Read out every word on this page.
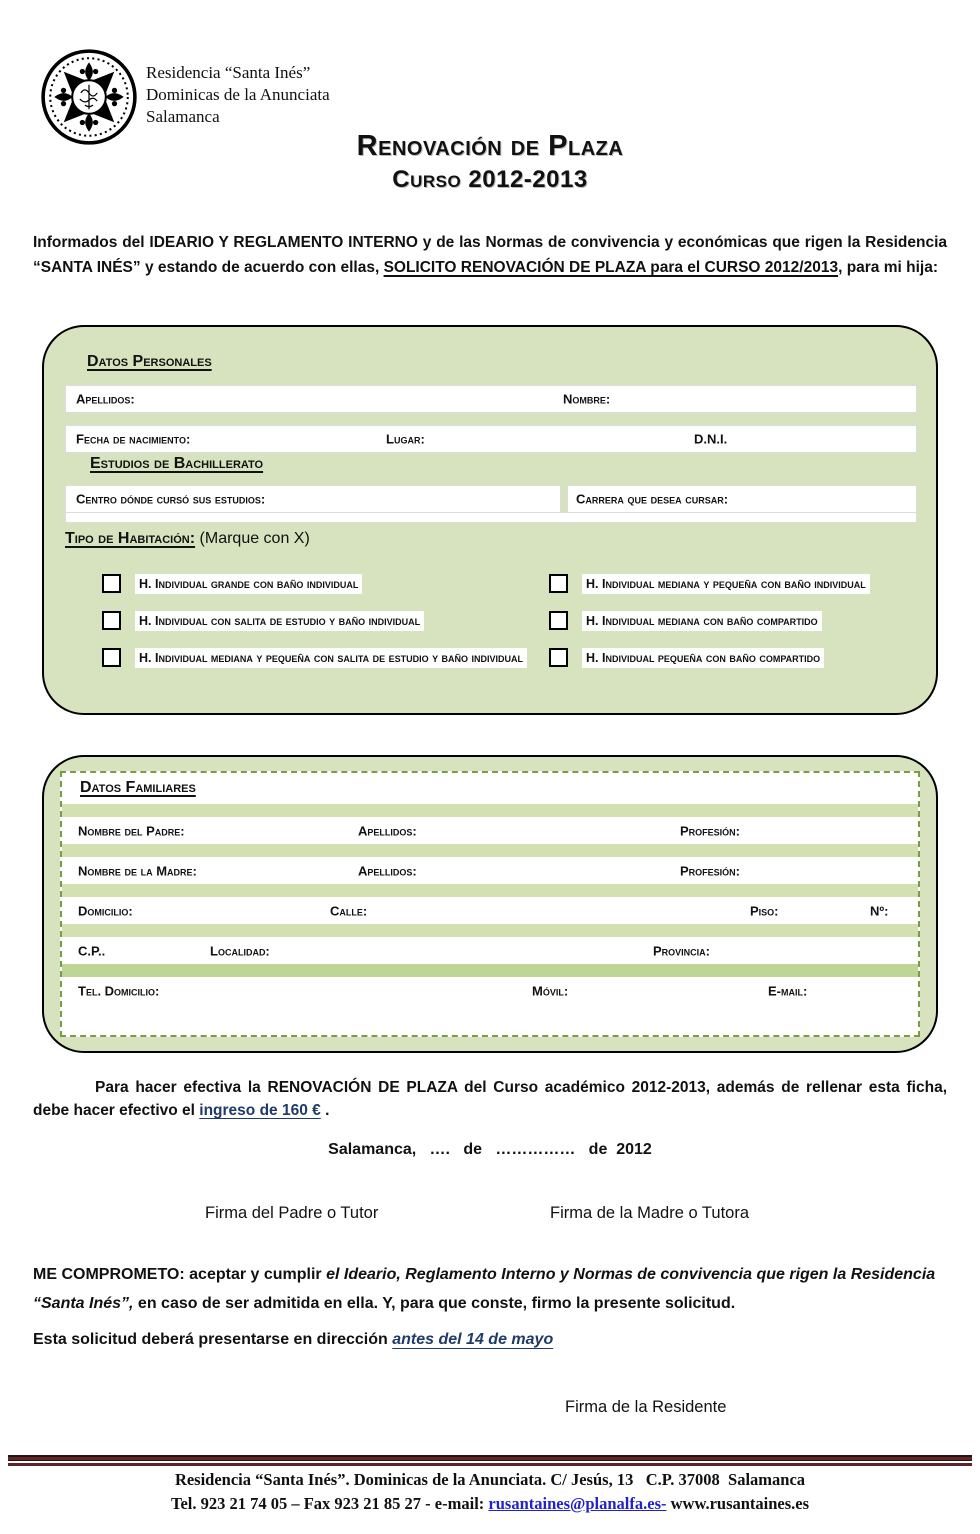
Residencia “Santa Inés”
Dominicas de la Anunciata
Salamanca
Renovación de Plaza
Curso 2012-2013

Informados del IDEARIO Y REGLAMENTO INTERNO y de las Normas de convivencia y económicas que rigen la Residencia “SANTA INÉS” y estando de acuerdo con ellas, SOLICITO RENOVACIÓN DE PLAZA para el CURSO 2012/2013, para mi hija:

Datos Personales
Apellidos:	Nombre:
Fecha de nacimiento:	Lugar:	D.N.I.
Estudios de Bachillerato
Centro dónde cursó sus estudios:	Carrera que desea cursar:
Tipo de Habitación: (Marque con X)
H. Individual grande con baño individual
H. Individual con salita de estudio y baño individual
H. Individual mediana y pequeña con salita de estudio y baño individual
H. Individual mediana y pequeña con baño individual
H. Individual mediana con baño compartido
H. Individual pequeña con baño compartido
Datos Familiares
Nombre del Padre:	Apellidos:	Profesión:
Nombre de la Madre:	Apellidos:	Profesión:
Domicilio:	Calle:	Piso:	Nº:
C.P..	Localidad:	Provincia:
Tel. Domicilio:	Móvil:	E-mail:

Para hacer efectiva la RENOVACIÓN DE PLAZA del Curso académico 2012-2013, además de rellenar esta ficha, debe hacer efectivo el ingreso de 160 € .

Salamanca,   ….   de   ……………   de  2012
Firma del Padre o Tutor	Firma de la Madre o Tutora

ME COMPROMETO: aceptar y cumplir el Ideario, Reglamento Interno y Normas de convivencia que rigen la Residencia “Santa Inés”, en caso de ser admitida en ella. Y, para que conste, firmo la presente solicitud.

Esta solicitud deberá presentarse en dirección antes del 14 de mayo

Firma de la Residente
Residencia “Santa Inés”. Dominicas de la Anunciata. C/ Jesús, 13   C.P. 37008  Salamanca
Tel. 923 21 74 05 – Fax 923 21 85 27 - e-mail: rusantaines@planalfa.es- www.rusantaines.es
